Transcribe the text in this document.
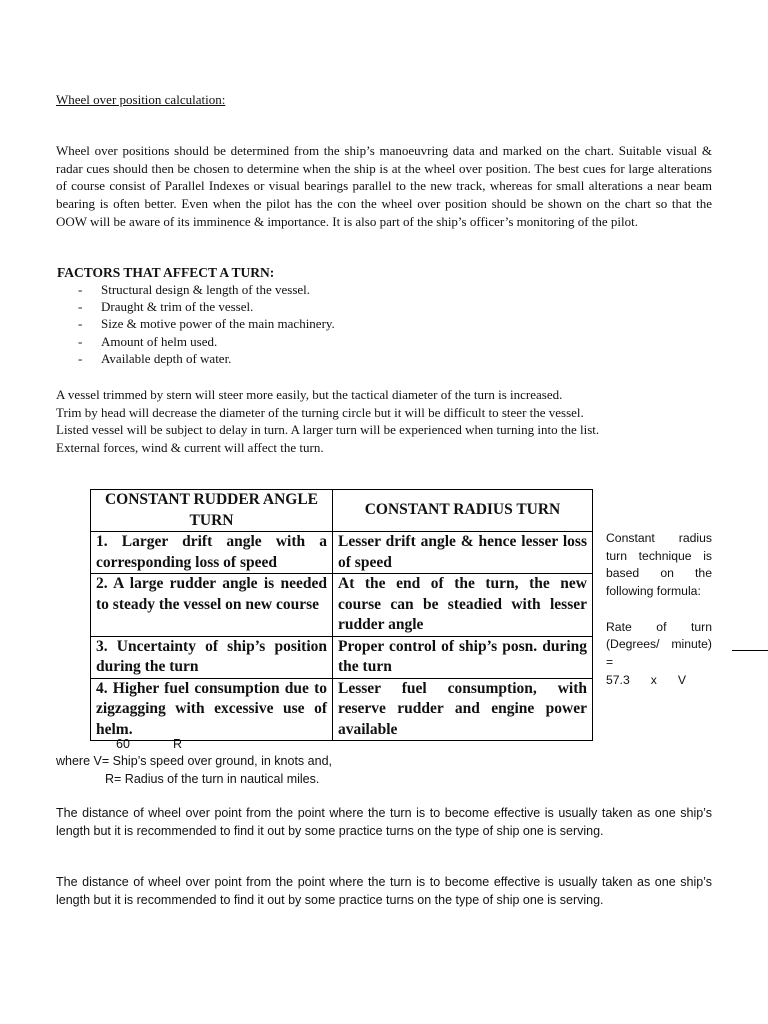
Wheel over position calculation:
Wheel over positions should be determined from the ship’s manoeuvring data and marked on the chart. Suitable visual & radar cues should then be chosen to determine when the ship is at the wheel over position. The best cues for large alterations of course consist of Parallel Indexes or visual bearings parallel to the new track, whereas for small alterations a near beam bearing is often better. Even when the pilot has the con the wheel over position should be shown on the chart so that the OOW will be aware of its imminence & importance. It is also part of the ship’s officer’s monitoring of the pilot.
FACTORS THAT AFFECT A TURN:
- Structural design & length of the vessel.
- Draught & trim of the vessel.
- Size & motive power of the main machinery.
- Amount of helm used.
- Available depth of water.
A vessel trimmed by stern will steer more easily, but the tactical diameter of the turn is increased.
Trim by head will decrease the diameter of the turning circle but it will be difficult to steer the vessel.
Listed vessel will be subject to delay in turn. A larger turn will be experienced when turning into the list.
External forces, wind & current will affect the turn.
CONSTANT RUDDER ANGLE TURN	CONSTANT RADIUS TURN
1. Larger drift angle with a corresponding loss of speed	Lesser drift angle & hence lesser loss of speed
2. A large rudder angle is needed to steady the vessel on new course	At the end of the turn, the new course can be steadied with lesser rudder angle
3. Uncertainty of ship’s position during the turn	Proper control of ship’s posn. during the turn
4. Higher fuel consumption due to zigzagging with excessive use of helm.	Lesser fuel consumption, with reserve rudder and engine power available
Constant radius turn technique is based on the following formula:
Rate of turn (Degrees/ minute) =
57.3 x V
60	R
where V= Ship’s speed over ground, in knots and,
R= Radius of the turn in nautical miles.
The distance of wheel over point from the point where the turn is to become effective is usually taken as one ship’s length but it is recommended to find it out by some practice turns on the type of ship one is serving.
The distance of wheel over point from the point where the turn is to become effective is usually taken as one ship’s length but it is recommended to find it out by some practice turns on the type of ship one is serving.
